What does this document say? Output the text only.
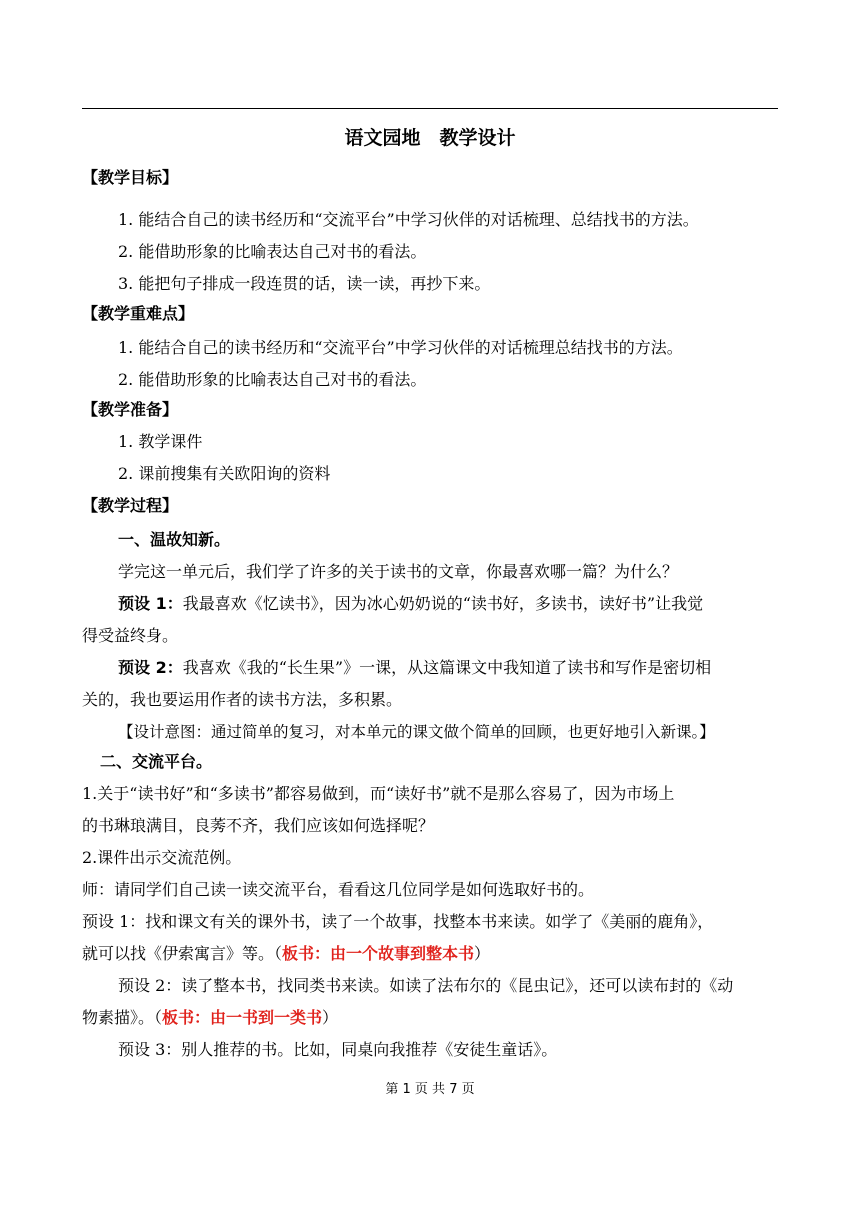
语文园地　教学设计
【教学目标】
1. 能结合自己的读书经历和“交流平台”中学习伙伴的对话梳理、总结找书的方法。
2. 能借助形象的比喻表达自己对书的看法。
3. 能把句子排成一段连贯的话，读一读，再抄下来。
【教学重难点】
1. 能结合自己的读书经历和“交流平台”中学习伙伴的对话梳理总结找书的方法。
2. 能借助形象的比喻表达自己对书的看法。
【教学准备】
1. 教学课件
2. 课前搜集有关欧阳询的资料
【教学过程】
一、温故知新。
学完这一单元后，我们学了许多的关于读书的文章，你最喜欢哪一篇？为什么？
预设 1：我最喜欢《忆读书》，因为冰心奶奶说的“读书好，多读书，读好书”让我觉
得受益终身。
预设 2：我喜欢《我的“长生果”》一课，从这篇课文中我知道了读书和写作是密切相
关的，我也要运用作者的读书方法，多积累。
【设计意图：通过简单的复习，对本单元的课文做个简单的回顾，也更好地引入新课。】
二、交流平台。
1.关于“读书好”和“多读书”都容易做到，而“读好书”就不是那么容易了，因为市场上
的书琳琅满目，良莠不齐，我们应该如何选择呢？
2.课件出示交流范例。
师：请同学们自己读一读交流平台，看看这几位同学是如何选取好书的。
预设 1：找和课文有关的课外书，读了一个故事，找整本书来读。如学了《美丽的鹿角》，
就可以找《伊索寓言》等。（板书：由一个故事到整本书）
预设 2：读了整本书，找同类书来读。如读了法布尔的《昆虫记》，还可以读布封的《动
物素描》。（板书：由一书到一类书）
预设 3：别人推荐的书。比如，同桌向我推荐《安徒生童话》。
第 1 页 共 7 页
